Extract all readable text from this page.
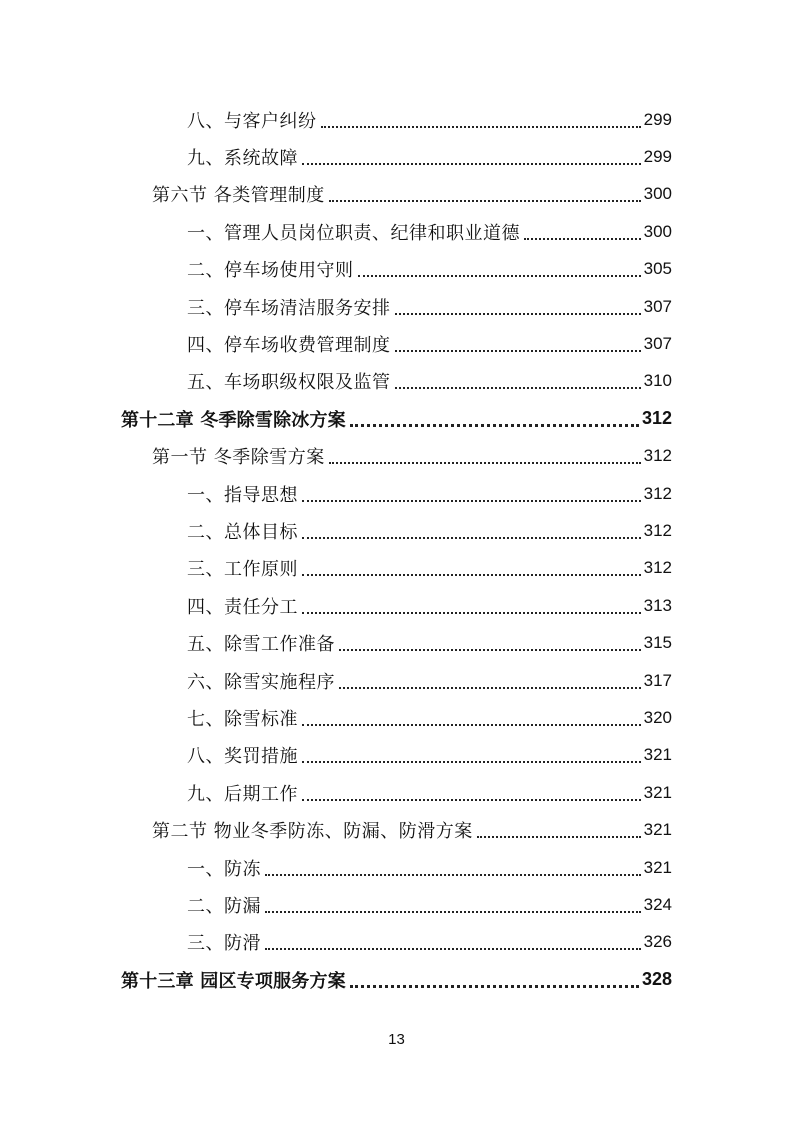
八、与客户纠纷	299
九、系统故障	299
第六节 各类管理制度	300
一、管理人员岗位职责、纪律和职业道德	300
二、停车场使用守则	305
三、停车场清洁服务安排	307
四、停车场收费管理制度	307
五、车场职级权限及监管	310
第十二章 冬季除雪除冰方案	312
第一节 冬季除雪方案	312
一、指导思想	312
二、总体目标	312
三、工作原则	312
四、责任分工	313
五、除雪工作准备	315
六、除雪实施程序	317
七、除雪标准	320
八、奖罚措施	321
九、后期工作	321
第二节 物业冬季防冻、防漏、防滑方案	321
一、防冻	321
二、防漏	324
三、防滑	326
第十三章 园区专项服务方案	328
13
